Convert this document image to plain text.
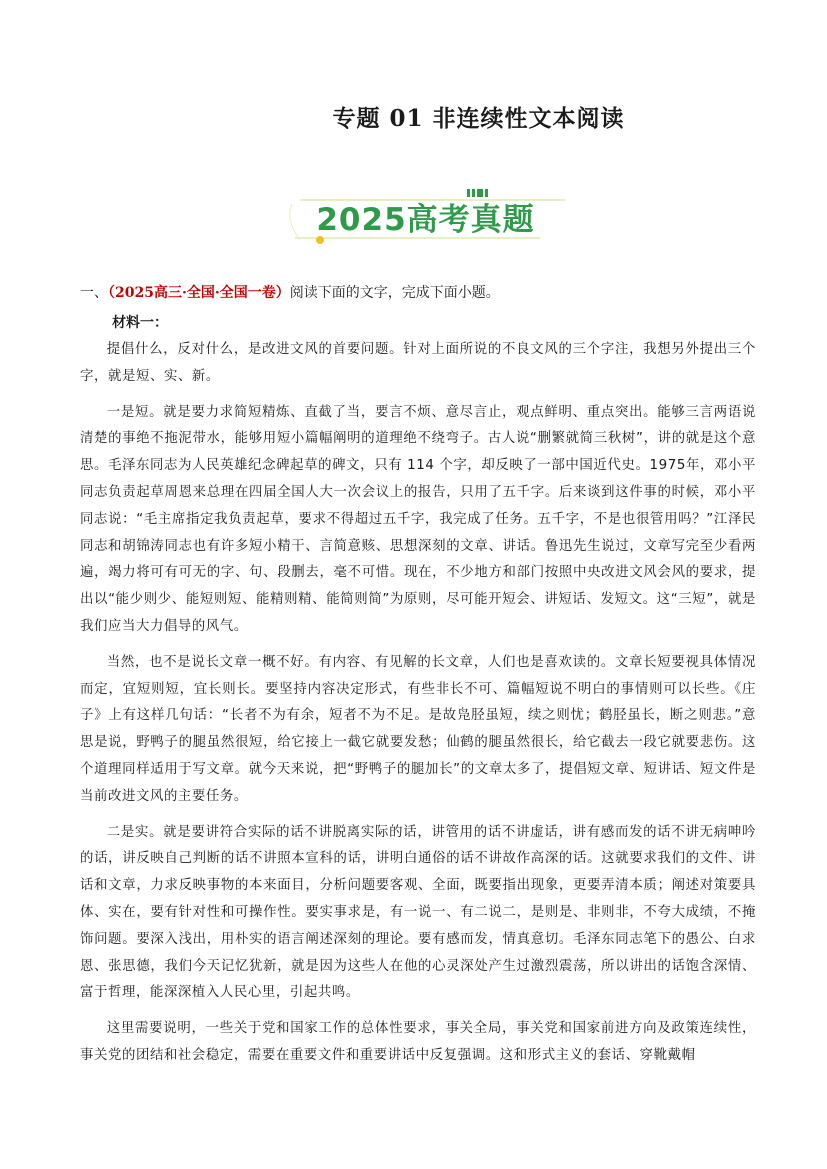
专题 01 非连续性文本阅读
2025高考真题
一、（2025高三·全国·全国一卷）阅读下面的文字，完成下面小题。
材料一：

提倡什么，反对什么，是改进文风的首要问题。针对上面所说的不良文风的三个字注，我想另外提出三个字，就是短、实、新。

一是短。就是要力求简短精炼、直截了当，要言不烦、意尽言止，观点鲜明、重点突出。能够三言两语说清楚的事绝不拖泥带水，能够用短小篇幅阐明的道理绝不绕弯子。古人说“删繁就简三秋树”，讲的就是这个意思。毛泽东同志为人民英雄纪念碑起草的碑文，只有 114 个字，却反映了一部中国近代史。1975年，邓小平同志负责起草周恩来总理在四届全国人大一次会议上的报告，只用了五千字。后来谈到这件事的时候，邓小平同志说：“毛主席指定我负责起草，要求不得超过五千字，我完成了任务。五千字，不是也很管用吗？”江泽民同志和胡锦涛同志也有许多短小精干、言简意赅、思想深刻的文章、讲话。鲁迅先生说过，文章写完至少看两遍，竭力将可有可无的字、句、段删去，毫不可惜。现在，不少地方和部门按照中央改进文风会风的要求，提出以“能少则少、能短则短、能精则精、能简则简”为原则，尽可能开短会、讲短话、发短文。这“三短”，就是我们应当大力倡导的风气。

当然，也不是说长文章一概不好。有内容、有见解的长文章，人们也是喜欢读的。文章长短要视具体情况而定，宜短则短，宜长则长。要坚持内容决定形式，有些非长不可、篇幅短说不明白的事情则可以长些。《庄子》上有这样几句话：“长者不为有余，短者不为不足。是故凫胫虽短，续之则忧；鹤胫虽长，断之则悲。”意思是说，野鸭子的腿虽然很短，给它接上一截它就要发愁；仙鹤的腿虽然很长，给它截去一段它就要悲伤。这个道理同样适用于写文章。就今天来说，把“野鸭子的腿加长”的文章太多了，提倡短文章、短讲话、短文件是当前改进文风的主要任务。

二是实。就是要讲符合实际的话不讲脱离实际的话，讲管用的话不讲虚话，讲有感而发的话不讲无病呻吟的话，讲反映自己判断的话不讲照本宣科的话，讲明白通俗的话不讲故作高深的话。这就要求我们的文件、讲话和文章，力求反映事物的本来面目，分析问题要客观、全面，既要指出现象，更要弄清本质；阐述对策要具体、实在，要有针对性和可操作性。要实事求是，有一说一、有二说二，是则是、非则非，不夸大成绩，不掩饰问题。要深入浅出，用朴实的语言阐述深刻的理论。要有感而发，情真意切。毛泽东同志笔下的愚公、白求恩、张思德，我们今天记忆犹新，就是因为这些人在他的心灵深处产生过激烈震荡，所以讲出的话饱含深情、富于哲理，能深深植入人民心里，引起共鸣。

这里需要说明，一些关于党和国家工作的总体性要求，事关全局，事关党和国家前进方向及政策连续性，事关党的团结和社会稳定，需要在重要文件和重要讲话中反复强调。这和形式主义的套话、穿靴戴帽
